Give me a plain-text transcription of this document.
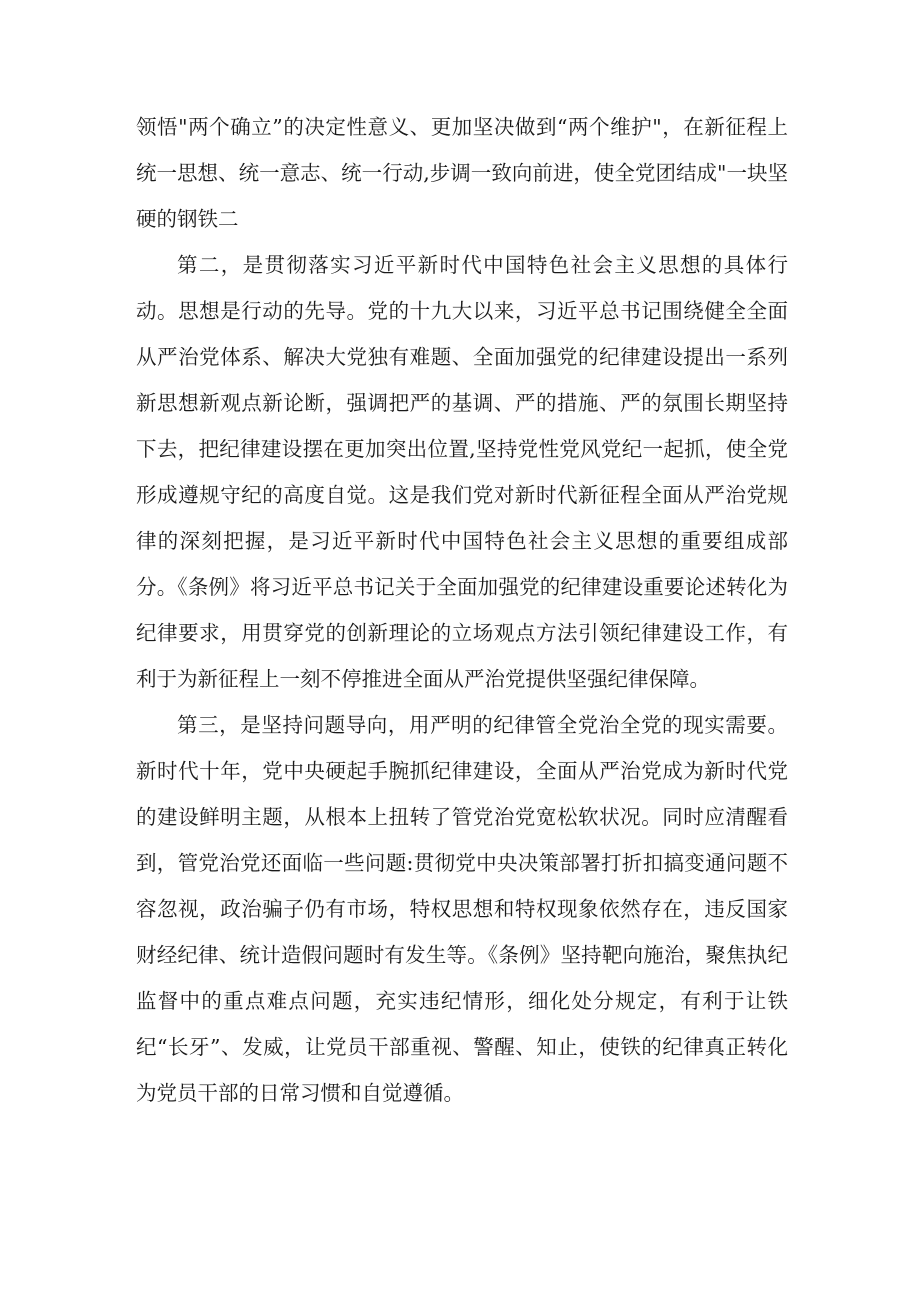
领悟"两个确立”的决定性意义、更加坚决做到“两个维护"，在新征程上统一思想、统一意志、统一行动,步调一致向前进，使全党团结成"一块坚硬的钢铁二

第二，是贯彻落实习近平新时代中国特色社会主义思想的具体行动。思想是行动的先导。党的十九大以来，习近平总书记围绕健全全面从严治党体系、解决大党独有难题、全面加强党的纪律建设提出一系列新思想新观点新论断，强调把严的基调、严的措施、严的氛围长期坚持下去，把纪律建设摆在更加突出位置,坚持党性党风党纪一起抓，使全党形成遵规守纪的高度自觉。这是我们党对新时代新征程全面从严治党规律的深刻把握，是习近平新时代中国特色社会主义思想的重要组成部分。《条例》将习近平总书记关于全面加强党的纪律建设重要论述转化为纪律要求，用贯穿党的创新理论的立场观点方法引领纪律建设工作，有利于为新征程上一刻不停推进全面从严治党提供坚强纪律保障。

第三，是坚持问题导向，用严明的纪律管全党治全党的现实需要。新时代十年，党中央硬起手腕抓纪律建设，全面从严治党成为新时代党的建设鲜明主题，从根本上扭转了管党治党宽松软状况。同时应清醒看到，管党治党还面临一些问题:贯彻党中央决策部署打折扣搞变通问题不容忽视，政治骗子仍有市场，特权思想和特权现象依然存在，违反国家财经纪律、统计造假问题时有发生等。《条例》坚持靶向施治，聚焦执纪监督中的重点难点问题，充实违纪情形，细化处分规定，有利于让铁纪“长牙”、发威，让党员干部重视、警醒、知止，使铁的纪律真正转化为党员干部的日常习惯和自觉遵循。
